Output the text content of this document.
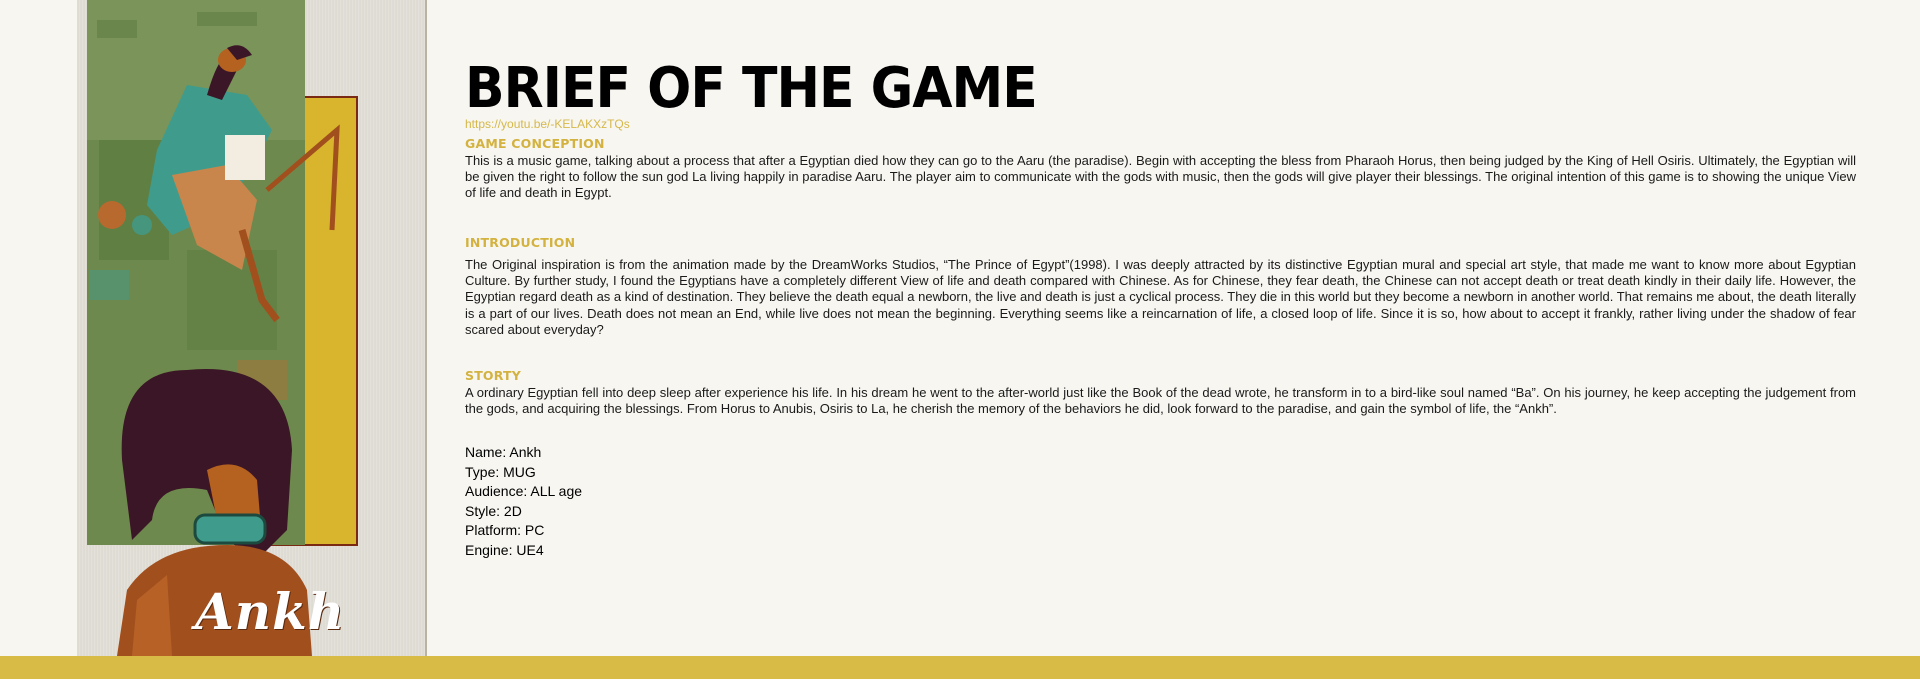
Ankh
BRIEF OF THE GAME
https://youtu.be/-KELAKXzTQs
GAME CONCEPTION
This is a music game, talking about a process that after a Egyptian died how they can go to the Aaru (the paradise). Begin with accepting the bless from Pharaoh Horus, then being judged by the King of Hell Osiris. Ultimately, the Egyptian will be given the right to follow the sun god La living happily in paradise Aaru. The player aim to communicate with the gods with music, then the gods will give player their blessings. The original intention of this game is to showing the unique View of life and death in Egypt.
INTRODUCTION
The Original inspiration is from the animation made by the DreamWorks Studios, “The Prince of Egypt”(1998). I was deeply attracted by its distinctive Egyptian mural and special art style, that made me want to know more about Egyptian Culture. By further study, I found the Egyptians have a completely different View of life and death compared with Chinese. As for Chinese, they fear death, the Chinese can not accept death or treat death kindly in their daily life. However, the Egyptian regard death as a kind of destination. They believe the death equal a newborn, the live and death is just a cyclical process. They die in this world but they become a newborn in another world. That remains me about, the death literally is a part of our lives. Death does not mean an End, while live does not mean the beginning. Everything seems like a reincarnation of life, a closed loop of life. Since it is so, how about to accept it frankly, rather living under the shadow of fear scared about everyday?
STORTY
A ordinary Egyptian fell into deep sleep after experience his life. In his dream he went to the after-world just like the Book of the dead wrote, he transform in to a bird-like soul named “Ba”. On his journey, he keep accepting the judgement from the gods, and acquiring the blessings. From Horus to Anubis, Osiris to La, he cherish the memory of the behaviors he did, look forward to the paradise, and gain the symbol of life, the “Ankh”.
Name: Ankh
Type: MUG
Audience: ALL age
Style: 2D
Platform: PC
Engine: UE4
